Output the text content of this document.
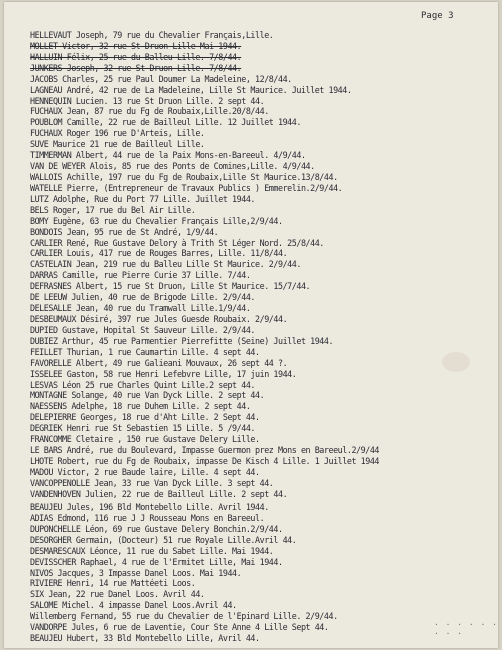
Page 3
HELLEVAUT Joseph, 79 rue du Chevalier Français,Lille.
MOLLET Victor, 32 rue St Druon Lille Mai 1944.
HALLUIN Félix, 25 rue du Balleu Lille. 7/8/44.
JUNKERS Joseph, 32 rue St Druon Lille. 7/8/44.
JACOBS Charles, 25 rue Paul Doumer La Madeleine, 12/8/44.
LAGNEAU André, 42 rue de La Madeleine, Lille St Maurice. Juillet 1944.
HENNEQUIN Lucien. 13 rue St Druon Lille. 2 sept 44.
FUCHAUX Jean, 87 rue du Fg de Roubaix,Lille.20/8/44.
POUBLOM Camille, 22 rue de Bailleul Lille. 12 Juillet 1944.
FUCHAUX Roger 196 rue D'Arteis, Lille.
SUVE Maurice 21 rue de Bailleul Lille.
TIMMERMAN Albert, 44 rue de la Paix Mons-en-Bareeul. 4/9/44.
VAN DE WEYER Alois, 85 rue des Ponts de Comines,Lille. 4/9/44.
WALLOIS Achille, 197 rue du Fg de Roubaix,Lille St Maurice.13/8/44.
WATELLE Pierre, (Entrepreneur de Travaux Publics ) Emmerelin.2/9/44.
LUTZ Adolphe, Rue du Port 77 Lille. Juillet 1944.
BELS Roger, 17 rue du Bel Air Lille.
BOMY Eugène, 63 rue du Chevalier Français Lille,2/9/44.
BONDOIS Jean, 95 rue de St André, 1/9/44.
CARLIER René, Rue Gustave Delory à Trith St Léger Nord. 25/8/44.
CARLIER Louis, 417 rue de Rouges Barres, Lille. 11/8/44.
CASTELAIN Jean, 219 rue du Balleu Lille St Maurice. 2/9/44.
DARRAS Camille, rue Pierre Curie 37 Lille. 7/44.
DEFRASNES Albert, 15 rue St Druon, Lille St Maurice. 15/7/44.
DE LEEUW Julien, 40 rue de Brigode Lille. 2/9/44.
DELESALLE Jean, 40 rue du Tramwall Lille.1/9/44.
DESBEUMAUX Désiré, 397 rue Jules Guesde Roubaix. 2/9/44.
DUPIED Gustave, Hopital St Sauveur Lille. 2/9/44.
DUBIEZ Arthur, 45 rue Parmentier Pierrefitte (Seine) Juillet 1944.
FEILLET Thurian, 1 rue Caumartin Lille. 4 sept 44.
FAVORELLE Albert, 49 rue Galieani Mouvaux, 26 sept 44 ?.
ISSELEE Gaston, 58 rue Henri Lefebvre Lille, 17 juin 1944.
LESVAS Léon 25 rue Charles Quint Lille.2 sept 44.
MONTAGNE Solange, 40 rue Van Dyck Lille. 2 sept 44.
NAESSENS Adelphe, 18 rue Duhem Lille. 2 sept 44.
DELEPIERRE Georges, 18 rue d'Aht Lille. 2 Sept 44.
DEGRIEK Henri rue St Sebastien 15 Lille. 5 /9/44.
FRANCOMME Cletaire , 150 rue Gustave Delery Lille.
LE BARS André, rue du Boulevard, Impasse Guermon prez Mons en Bareeul.2/9/44
LHOTE Robert, rue du Fg de Roubaix, impasse De Kisch 4 Lille. 1 Juillet 1944
MADOU Victor, 2 rue Baude laire, Lille. 4 sept 44.
VANCOPPENOLLE Jean, 33 rue Van Dyck Lille. 3 sept 44.
VANDENHOVEN Julien, 22 rue de Bailleul Lille. 2 sept 44.
BEAUJEU Jules, 196 Bld Montebello Lille. Avril 1944.
ADIAS Edmond, 116 rue J J Rousseau Mons en Bareeul.
DUPONCHELLE Léon, 69 rue Gustave Delery Bonchin.2/9/44.
DESORGHER Germain, (Docteur) 51 rue Royale Lille.Avril 44.
DESMARESCAUX Léonce, 11 rue du Sabet Lille. Mai 1944.
DEVISSCHER Raphael, 4 rue de l'Ermitet Lille, Mai 1944.
NIVOS Jacques, 3 Impasse Danel Loos. Mai 1944.
RIVIERE Henri, 14 rue Mattéeti Loos.
SIX Jean, 22 rue Danel Loos. Avril 44.
SALOME Michel. 4 impasse Danel Loos.Avril 44.
Willemberg Fernand, 55 rue du Chevalier de l'Epinard Lille. 2/9/44.
VANDORPE Jules, 6 rue de Laventie, Cour Ste Anne 4 Lille Sept 44.
BEAUJEU Hubert, 33 Bld Montebello Lille, Avril 44.
· · · · · · · · ·
